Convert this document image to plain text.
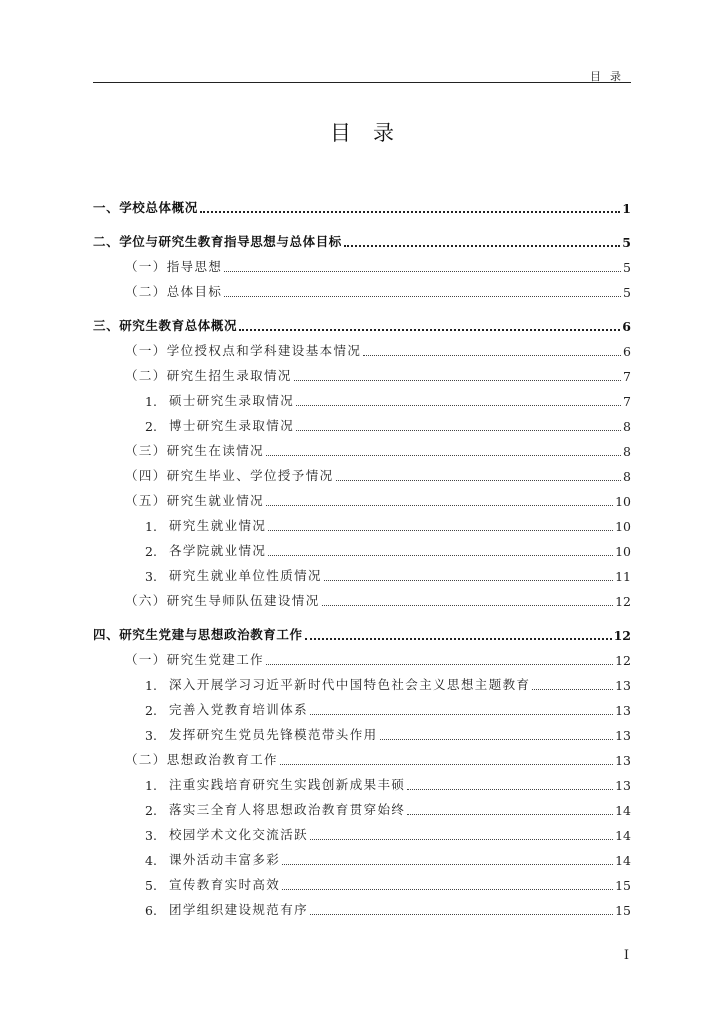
目录
目录
一、学校总体概况	1
二、学位与研究生教育指导思想与总体目标	5
（一）指导思想	5
（二）总体目标	5
三、研究生教育总体概况	6
（一）学位授权点和学科建设基本情况	6
（二）研究生招生录取情况	7
1. 硕士研究生录取情况	7
2. 博士研究生录取情况	8
（三）研究生在读情况	8
（四）研究生毕业、学位授予情况	8
（五）研究生就业情况	10
1. 研究生就业情况	10
2. 各学院就业情况	10
3. 研究生就业单位性质情况	11
（六）研究生导师队伍建设情况	12
四、研究生党建与思想政治教育工作	12
（一）研究生党建工作	12
1. 深入开展学习习近平新时代中国特色社会主义思想主题教育	13
2. 完善入党教育培训体系	13
3. 发挥研究生党员先锋模范带头作用	13
（二）思想政治教育工作	13
1. 注重实践培育研究生实践创新成果丰硕	13
2. 落实三全育人将思想政治教育贯穿始终	14
3. 校园学术文化交流活跃	14
4. 课外活动丰富多彩	14
5. 宣传教育实时高效	15
6. 团学组织建设规范有序	15
I
